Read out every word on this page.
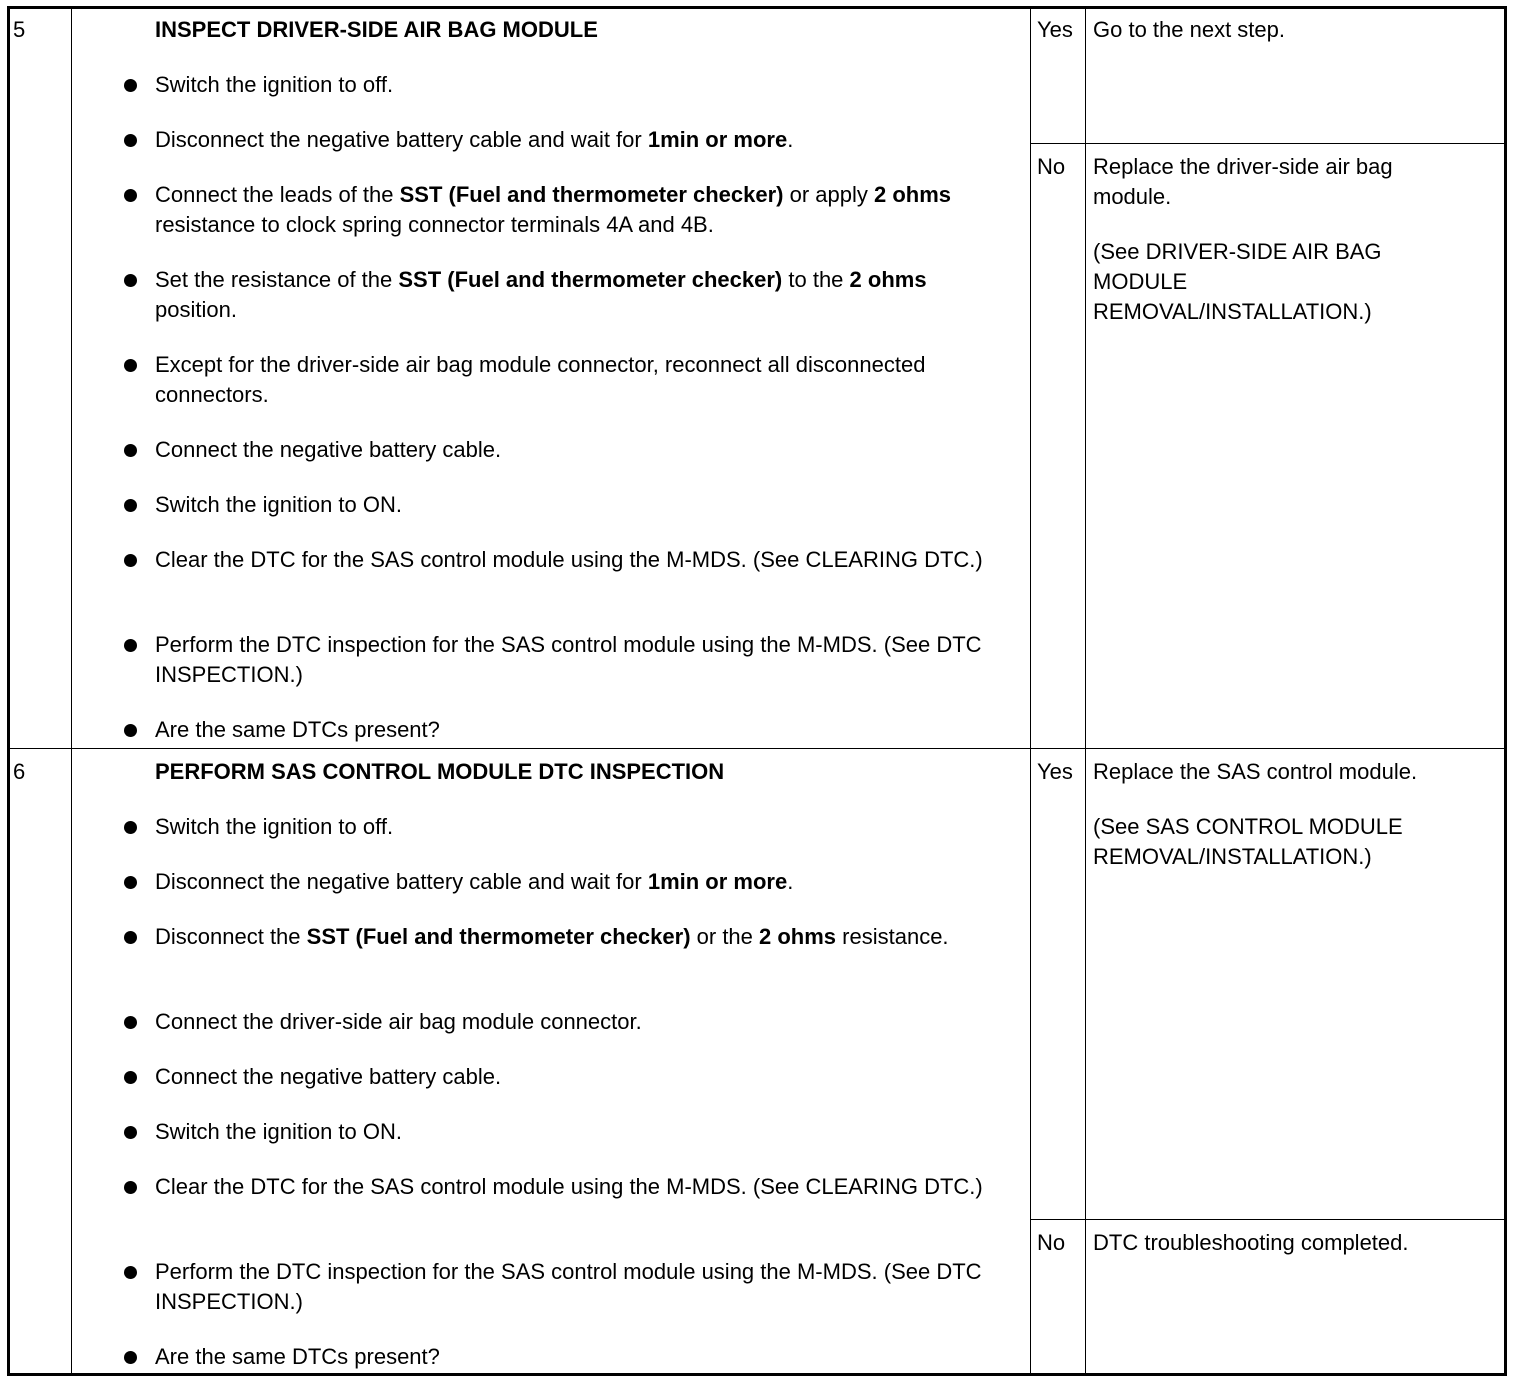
5	INSPECT DRIVER-SIDE AIR BAG MODULE
Switch the ignition to off.
Disconnect the negative battery cable and wait for 1min or more.
Connect the leads of the SST (Fuel and thermometer checker) or apply 2 ohms resistance to clock spring connector terminals 4A and 4B.
Set the resistance of the SST (Fuel and thermometer checker) to the 2 ohms position.
Except for the driver-side air bag module connector, reconnect all disconnected connectors.
Connect the negative battery cable.
Switch the ignition to ON.
Clear the DTC for the SAS control module using the M-MDS. (See CLEARING DTC.)
Perform the DTC inspection for the SAS control module using the M-MDS. (See DTC INSPECTION.)
Are the same DTCs present?
Yes Go to the next step.

No Replace the driver-side air bag module.

(See DRIVER-SIDE AIR BAG MODULE REMOVAL/INSTALLATION.)

6	PERFORM SAS CONTROL MODULE DTC INSPECTION
Switch the ignition to off.
Disconnect the negative battery cable and wait for 1min or more.
Disconnect the SST (Fuel and thermometer checker) or the 2 ohms resistance.
Connect the driver-side air bag module connector.
Connect the negative battery cable.
Switch the ignition to ON.
Clear the DTC for the SAS control module using the M-MDS. (See CLEARING DTC.)
Perform the DTC inspection for the SAS control module using the M-MDS. (See DTC INSPECTION.)
Are the same DTCs present?
Yes Replace the SAS control module.

(See SAS CONTROL MODULE REMOVAL/INSTALLATION.)

No DTC troubleshooting completed.
